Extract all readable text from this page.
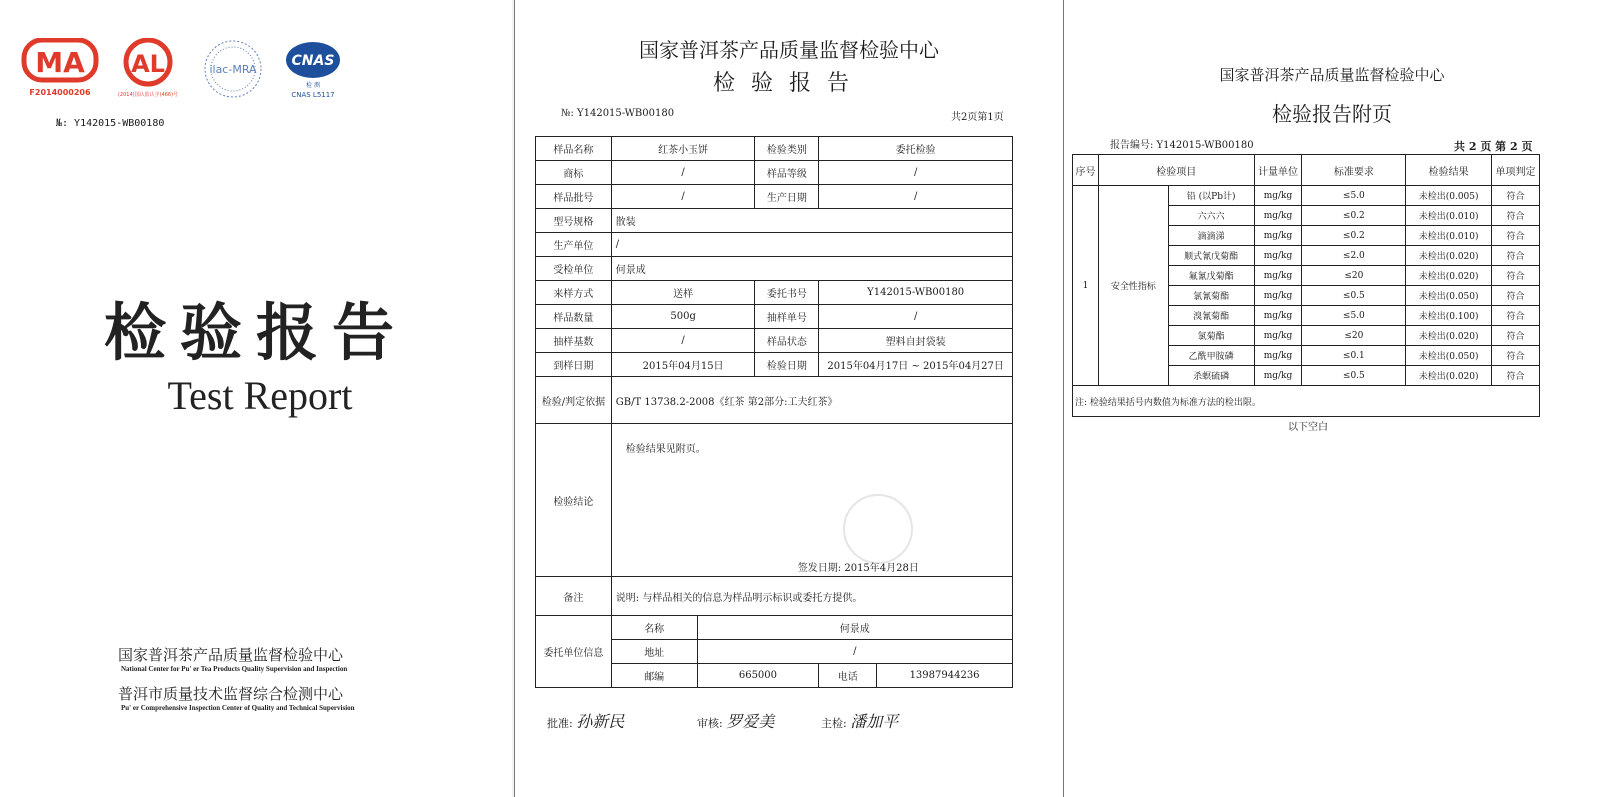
MA
F2014000206
AL
(2014)国认监认字(466)号
ilac-MRA
CNAS
检 测
CNAS L5117
№: Y142015-WB00180
检验报告
Test Report
国家普洱茶产品质量监督检验中心
National Center for Pu' er Tea Products Quality Supervision and Inspection
普洱市质量技术监督综合检测中心
Pu' er Comprehensive Inspection Center of Quality and Technical Supervision
国家普洱茶产品质量监督检验中心
检验报告
№: Y142015-WB00180	共2页第1页
样品名称	红茶小玉饼		检验类别	委托检验	
商标	/		样品等级	/	
样品批号	/		生产日期	/	
型号规格	散装				
生产单位	/				
受检单位	何景成				
来样方式	送样		委托书号	Y142015-WB00180	
样品数量	500g		抽样单号	/	
抽样基数	/		样品状态	塑料自封袋装	
到样日期	2015年04月15日		检验日期	2015年04月17日 ~ 2015年04月27日	
检验/判定依据	GB/T 13738.2-2008《红茶 第2部分:工夫红茶》				
检验结论	检验结果见附页。
签发日期: 2015年4月28日				

备注	说明: 与样品相关的信息为样品明示标识或委托方提供。				
委托单位信息	名称	何景成			
	地址	/			
	邮编	665000		电话	13987944236
批准: 孙新民	审核: 罗爱美	主检: 潘加平
国家普洱茶产品质量监督检验中心
检验报告附页
报告编号: Y142015-WB00180	共 2 页 第 2 页
序号	检验项目		计量单位	标准要求	检验结果	单项判定
1	安全性指标	铅 (以Pb计)	mg/kg	≤5.0	未检出(0.005)	符合
		六六六	mg/kg	≤0.2	未检出(0.010)	符合
		滴滴涕	mg/kg	≤0.2	未检出(0.010)	符合
		顺式氰戊菊酯	mg/kg	≤2.0	未检出(0.020)	符合
		氟氰戊菊酯	mg/kg	≤20	未检出(0.020)	符合
		氯氰菊酯	mg/kg	≤0.5	未检出(0.050)	符合
		溴氰菊酯	mg/kg	≤5.0	未检出(0.100)	符合
		氯菊酯	mg/kg	≤20	未检出(0.020)	符合
		乙酰甲胺磷	mg/kg	≤0.1	未检出(0.050)	符合
		杀螟硫磷	mg/kg	≤0.5	未检出(0.020)	符合
注: 检验结果括号内数值为标准方法的检出限。						
以下空白
